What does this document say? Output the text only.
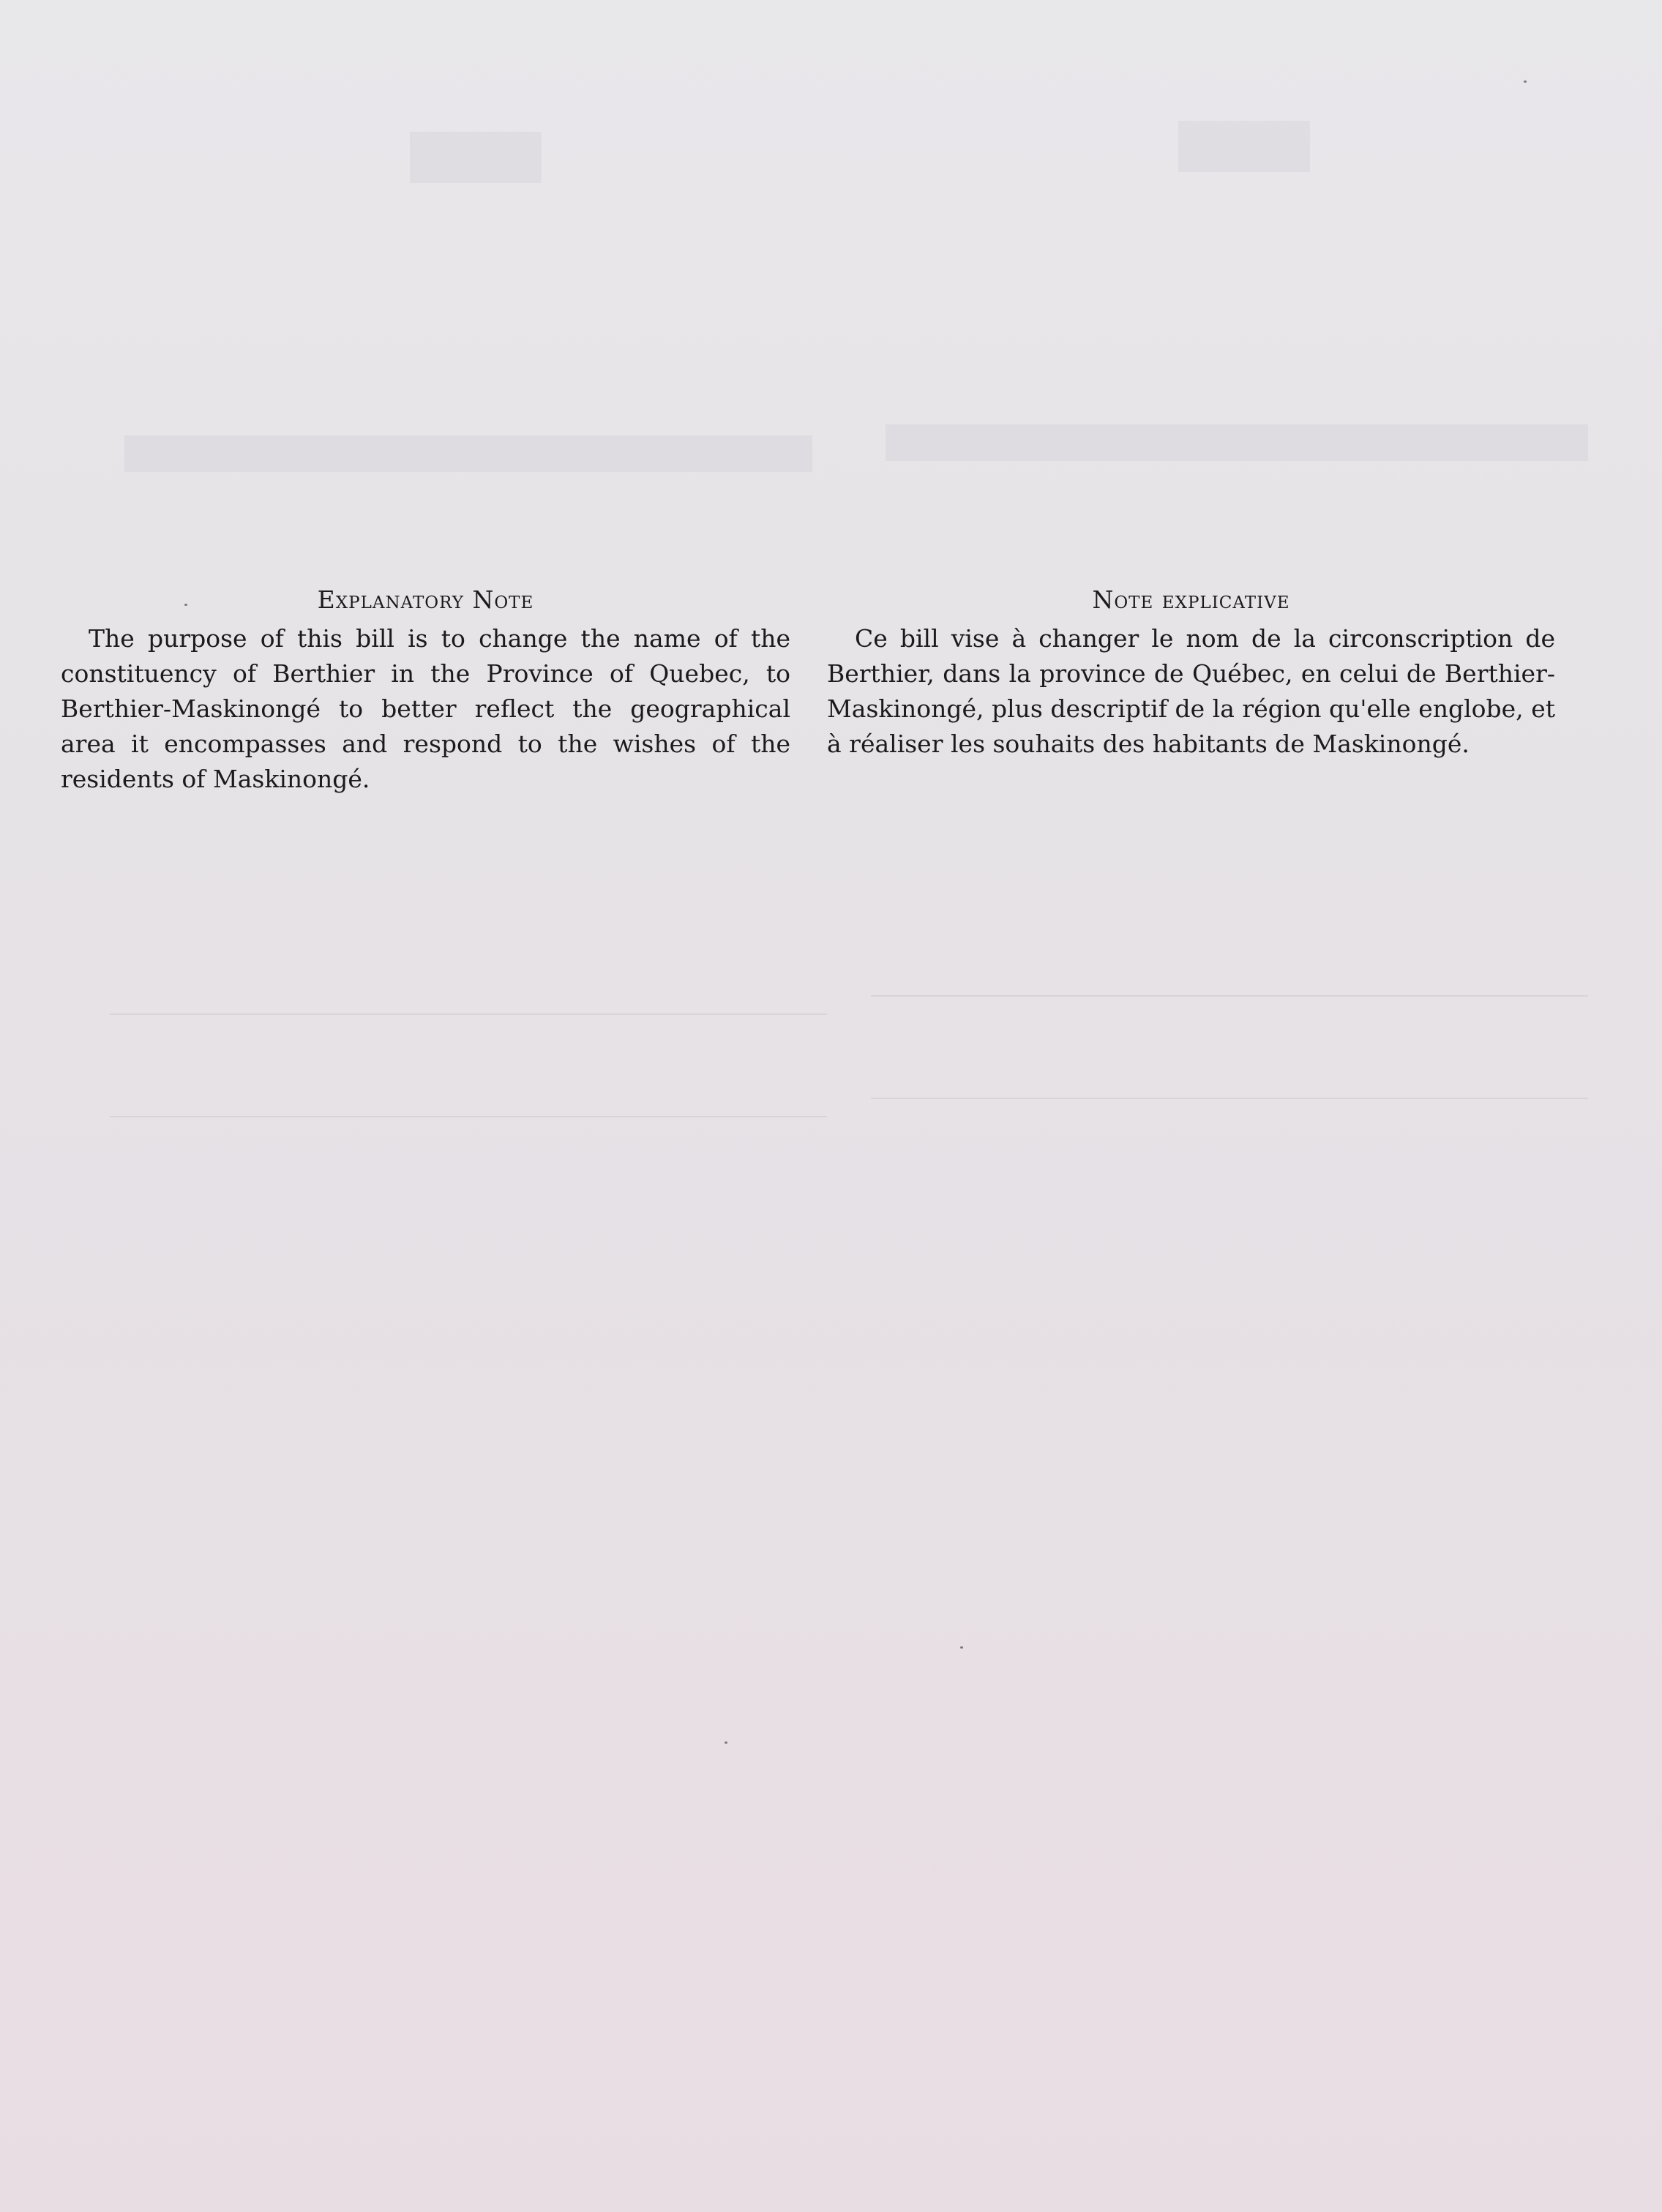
Explanatory Note

The purpose of this bill is to change the name of the constituency of Berthier in the Province of Quebec, to Berthier-Maskinongé to better reflect the geographical area it encompasses and respond to the wishes of the residents of Maskinongé.

Note explicative

Ce bill vise à changer le nom de la circonscription de Berthier, dans la province de Québec, en celui de Berthier-Maskinongé, plus descriptif de la région qu'elle englobe, et à réaliser les souhaits des habitants de Maskinongé.
